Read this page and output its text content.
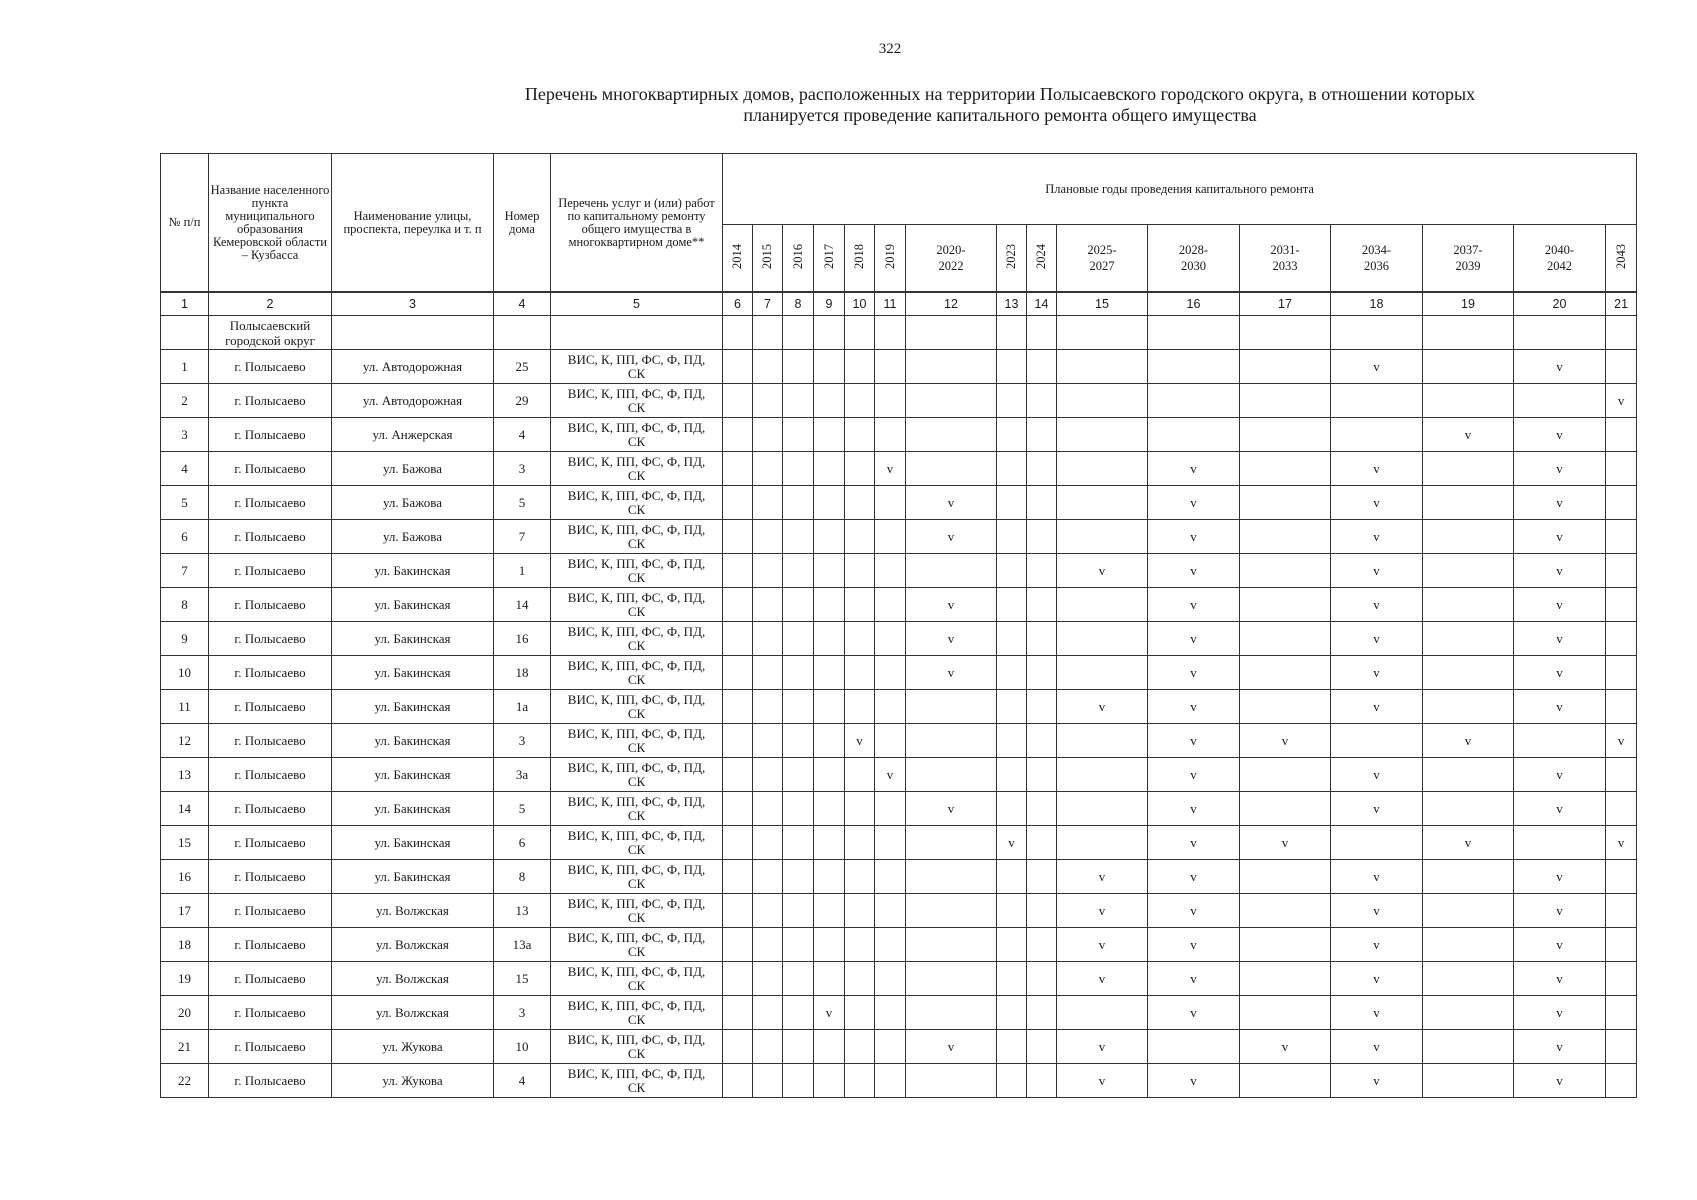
322
Перечень многоквартирных домов, расположенных на территории Полысаевского городского округа, в отношении которых
планируется проведение капитального ремонта общего имущества
№ п/п	Название населенного пункта муниципального образования Кемеровской области – Кузбасса	Наименование улицы, проспекта, переулка и т. п	Номер дома	Перечень услуг и (или) работ по капитальному ремонту общего имущества в многоквартирном доме**	Плановые годы проведения капитального ремонта															
					2014	2015	2016	2017	2018	2019	2020-
2022	2023	2024	2025-
2027	2028-
2030	2031-
2033	2034-
2036	2037-
2039	2040-
2042	2043
1	2	3	4	5	6	7	8	9	10	11	12	13	14	15	16	17	18	19	20	21
	Полысаевский городской округ																			
1	г. Полысаево	ул. Автодорожная	25	ВИС, К, ПП, ФС, Ф, ПД,
СК													v		v	
2	г. Полысаево	ул. Автодорожная	29	ВИС, К, ПП, ФС, Ф, ПД,
СК																v
3	г. Полысаево	ул. Анжерская	4	ВИС, К, ПП, ФС, Ф, ПД,
СК														v	v	
4	г. Полысаево	ул. Бажова	3	ВИС, К, ПП, ФС, Ф, ПД,
СК						v					v		v		v	
5	г. Полысаево	ул. Бажова	5	ВИС, К, ПП, ФС, Ф, ПД,
СК							v				v		v		v	
6	г. Полысаево	ул. Бажова	7	ВИС, К, ПП, ФС, Ф, ПД,
СК							v				v		v		v	
7	г. Полысаево	ул. Бакинская	1	ВИС, К, ПП, ФС, Ф, ПД,
СК										v	v		v		v	
8	г. Полысаево	ул. Бакинская	14	ВИС, К, ПП, ФС, Ф, ПД,
СК							v				v		v		v	
9	г. Полысаево	ул. Бакинская	16	ВИС, К, ПП, ФС, Ф, ПД,
СК							v				v		v		v	
10	г. Полысаево	ул. Бакинская	18	ВИС, К, ПП, ФС, Ф, ПД,
СК							v				v		v		v	
11	г. Полысаево	ул. Бакинская	1а	ВИС, К, ПП, ФС, Ф, ПД,
СК										v	v		v		v	
12	г. Полысаево	ул. Бакинская	3	ВИС, К, ПП, ФС, Ф, ПД,
СК					v						v	v		v		v
13	г. Полысаево	ул. Бакинская	3а	ВИС, К, ПП, ФС, Ф, ПД,
СК						v					v		v		v	
14	г. Полысаево	ул. Бакинская	5	ВИС, К, ПП, ФС, Ф, ПД,
СК							v				v		v		v	
15	г. Полысаево	ул. Бакинская	6	ВИС, К, ПП, ФС, Ф, ПД,
СК								v			v	v		v		v
16	г. Полысаево	ул. Бакинская	8	ВИС, К, ПП, ФС, Ф, ПД,
СК										v	v		v		v	
17	г. Полысаево	ул. Волжская	13	ВИС, К, ПП, ФС, Ф, ПД,
СК										v	v		v		v	
18	г. Полысаево	ул. Волжская	13а	ВИС, К, ПП, ФС, Ф, ПД,
СК										v	v		v		v	
19	г. Полысаево	ул. Волжская	15	ВИС, К, ПП, ФС, Ф, ПД,
СК										v	v		v		v	
20	г. Полысаево	ул. Волжская	3	ВИС, К, ПП, ФС, Ф, ПД,
СК				v							v		v		v	
21	г. Полысаево	ул. Жукова	10	ВИС, К, ПП, ФС, Ф, ПД,
СК							v			v		v	v		v	
22	г. Полысаево	ул. Жукова	4	ВИС, К, ПП, ФС, Ф, ПД,
СК										v	v		v		v	
